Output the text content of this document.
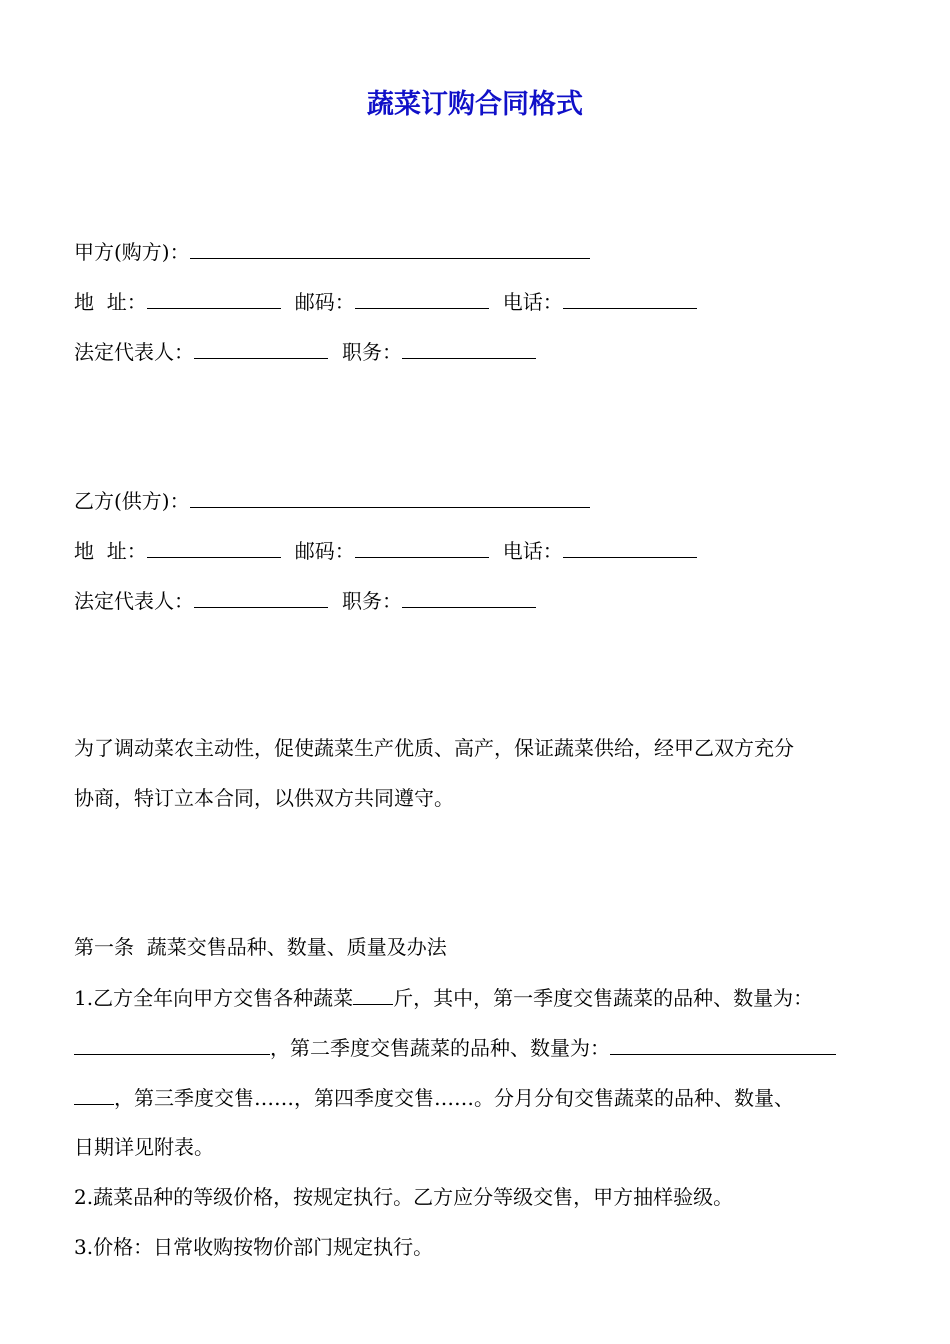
蔬菜订购合同格式
甲方(购方)：
地  址：	邮码：	电话：
法定代表人：	职务：
乙方(供方)：
地  址：	邮码：	电话：
法定代表人：	职务：
为了调动菜农主动性，促使蔬菜生产优质、高产，保证蔬菜供给，经甲乙双方充分
协商，特订立本合同，以供双方共同遵守。
第一条  蔬菜交售品种、数量、质量及办法
1.乙方全年向甲方交售各种蔬菜 斤，其中，第一季度交售蔬菜的品种、数量为：
，第二季度交售蔬菜的品种、数量为：
，第三季度交售……，第四季度交售……。分月分旬交售蔬菜的品种、数量、
日期详见附表。
2.蔬菜品种的等级价格，按规定执行。乙方应分等级交售，甲方抽样验级。
3.价格：日常收购按物价部门规定执行。
